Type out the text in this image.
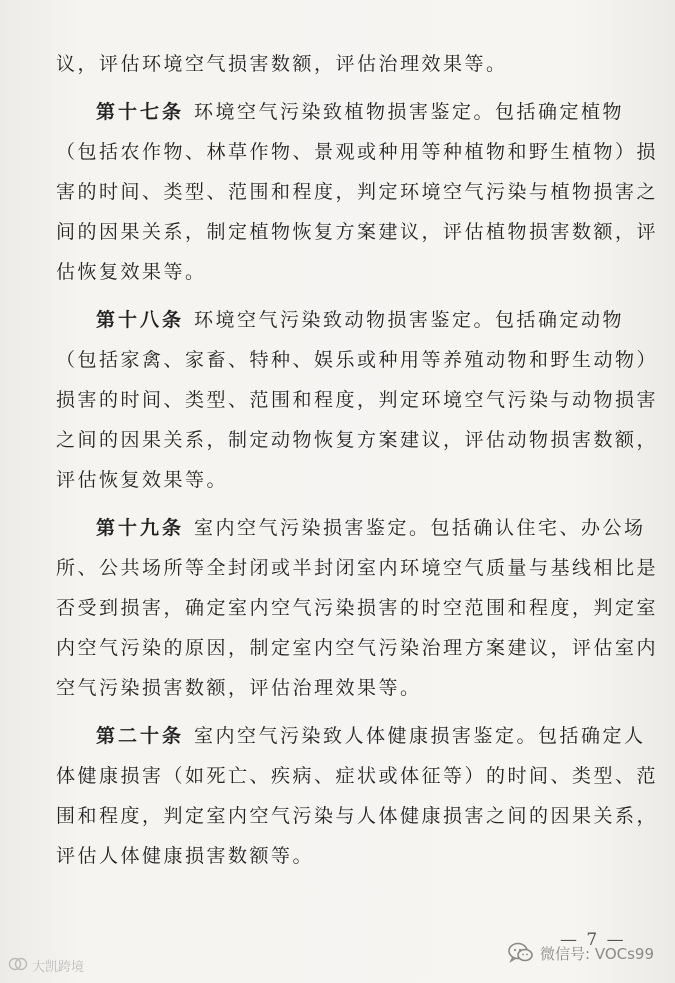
议，评估环境空气损害数额，评估治理效果等。
第十七条 环境空气污染致植物损害鉴定。包括确定植物
（包括农作物、林草作物、景观或种用等种植物和野生植物）损
害的时间、类型、范围和程度，判定环境空气污染与植物损害之
间的因果关系，制定植物恢复方案建议，评估植物损害数额，评
估恢复效果等。
第十八条 环境空气污染致动物损害鉴定。包括确定动物
（包括家禽、家畜、特种、娱乐或种用等养殖动物和野生动物）
损害的时间、类型、范围和程度，判定环境空气污染与动物损害
之间的因果关系，制定动物恢复方案建议，评估动物损害数额，
评估恢复效果等。
第十九条 室内空气污染损害鉴定。包括确认住宅、办公场
所、公共场所等全封闭或半封闭室内环境空气质量与基线相比是
否受到损害，确定室内空气污染损害的时空范围和程度，判定室
内空气污染的原因，制定室内空气污染治理方案建议，评估室内
空气污染损害数额，评估治理效果等。
第二十条 室内空气污染致人体健康损害鉴定。包括确定人
体健康损害（如死亡、疾病、症状或体征等）的时间、类型、范
围和程度，判定室内空气污染与人体健康损害之间的因果关系，
评估人体健康损害数额等。
— 7 —
大凯跨境
微信号: VOCs99
